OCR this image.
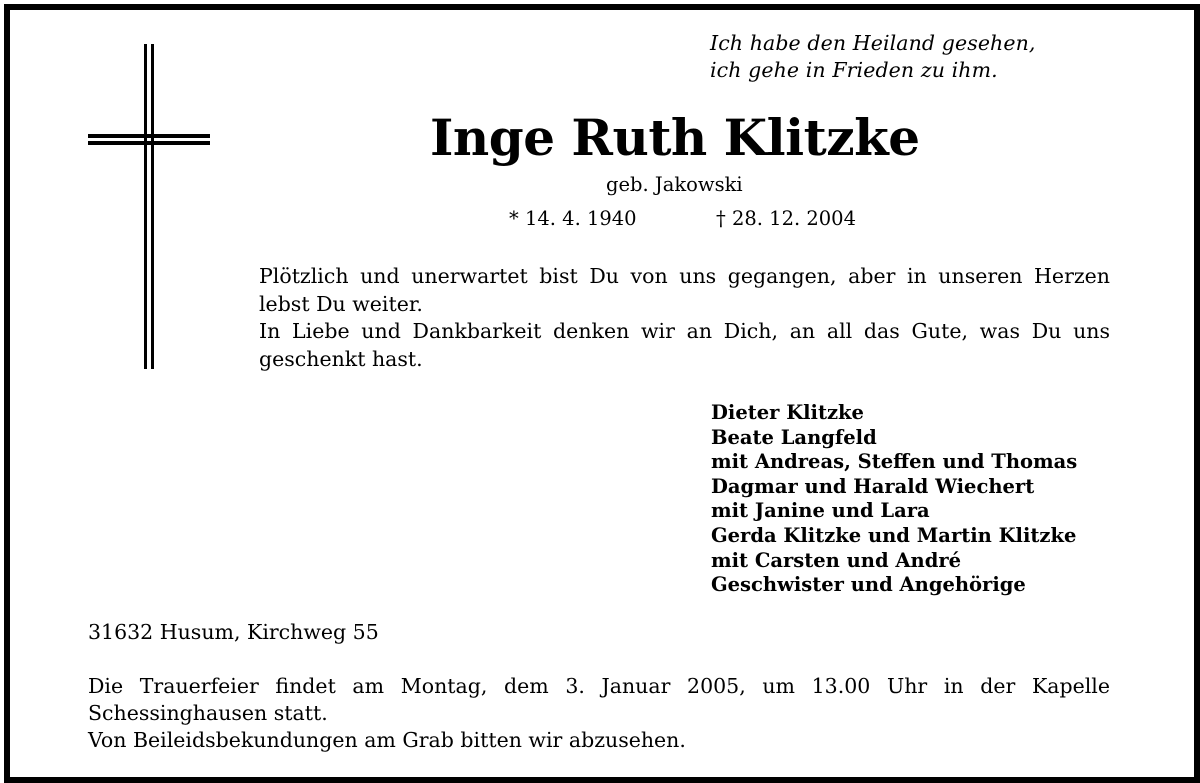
Ich habe den Heiland gesehen,
ich gehe in Frieden zu ihm.
Inge Ruth Klitzke
geb. Jakowski
* 14. 4. 1940	† 28. 12. 2004

Plötzlich und unerwartet bist Du von uns gegangen, aber in unseren Herzen lebst Du weiter.

In Liebe und Dankbarkeit denken wir an Dich, an all das Gute, was Du uns geschenkt hast.

Dieter Klitzke
Beate Langfeld
mit Andreas, Steffen und Thomas
Dagmar und Harald Wiechert
mit Janine und Lara
Gerda Klitzke und Martin Klitzke
mit Carsten und André
Geschwister und Angehörige
31632 Husum, Kirchweg 55

Die Trauerfeier findet am Montag, dem 3. Januar 2005, um 13.00 Uhr in der Kapelle Schessinghausen statt.

Von Beileidsbekundungen am Grab bitten wir abzusehen.
